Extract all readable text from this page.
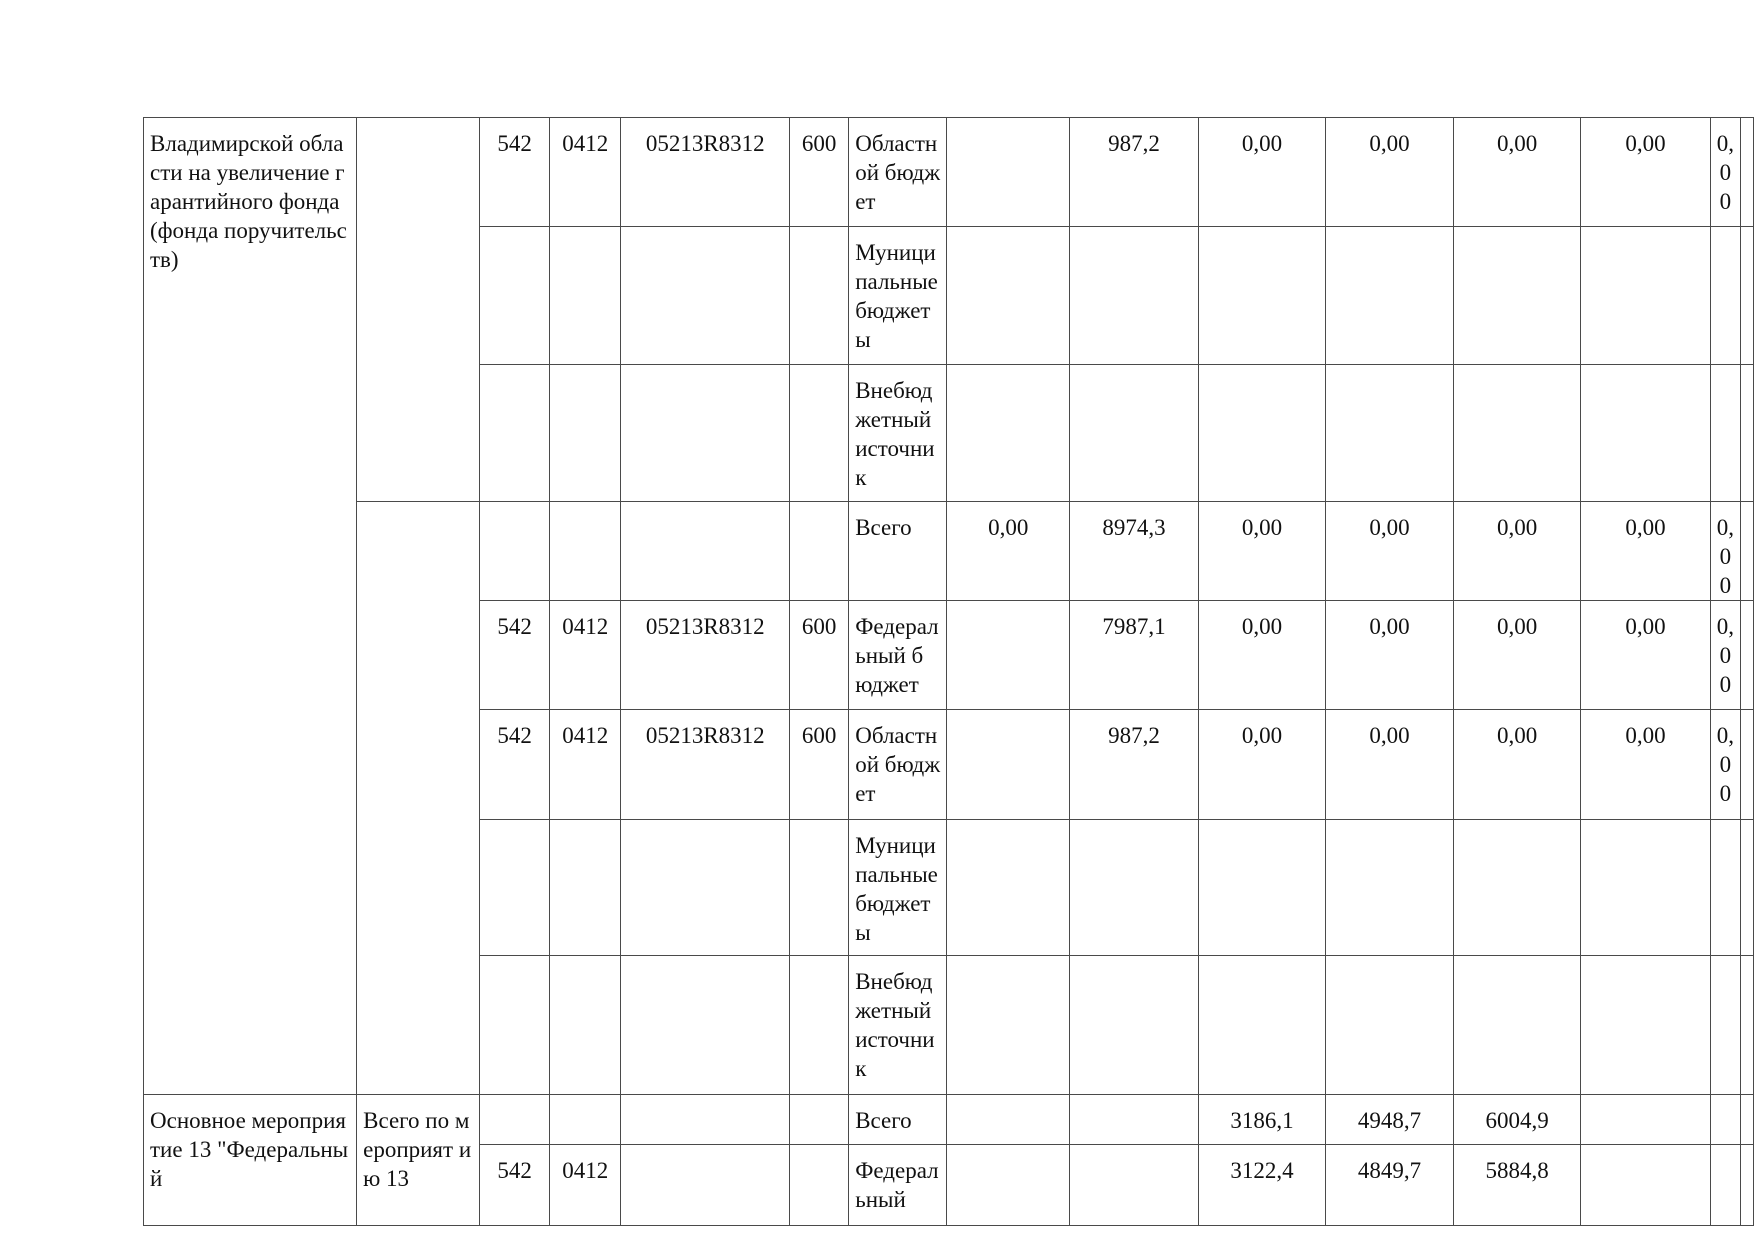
Владимирской области на увеличение гарантийного фонда (фонда поручительств)		542	0412	05213R8312	600	Областн ой бюджет		987,2	0,00	0,00	0,00	0,00	0,00	
						Муници пальные бюджет ы								
						Внебюд жетный источни к								
						Всего	0,00	8974,3	0,00	0,00	0,00	0,00	0,00	
		542	0412	05213R8312	600	Федерал ьный бюджет		7987,1	0,00	0,00	0,00	0,00	0,00	
		542	0412	05213R8312	600	Областн ой бюджет		987,2	0,00	0,00	0,00	0,00	0,00	
						Муници пальные бюджет ы								
						Внебюд жетный источни к								
Основное мероприятие 13 "Федеральный	Всего по мероприят ию 13					Всего			3186,1	4948,7	6004,9			
		542	0412			Федерал ьный			3122,4	4849,7	5884,8			
